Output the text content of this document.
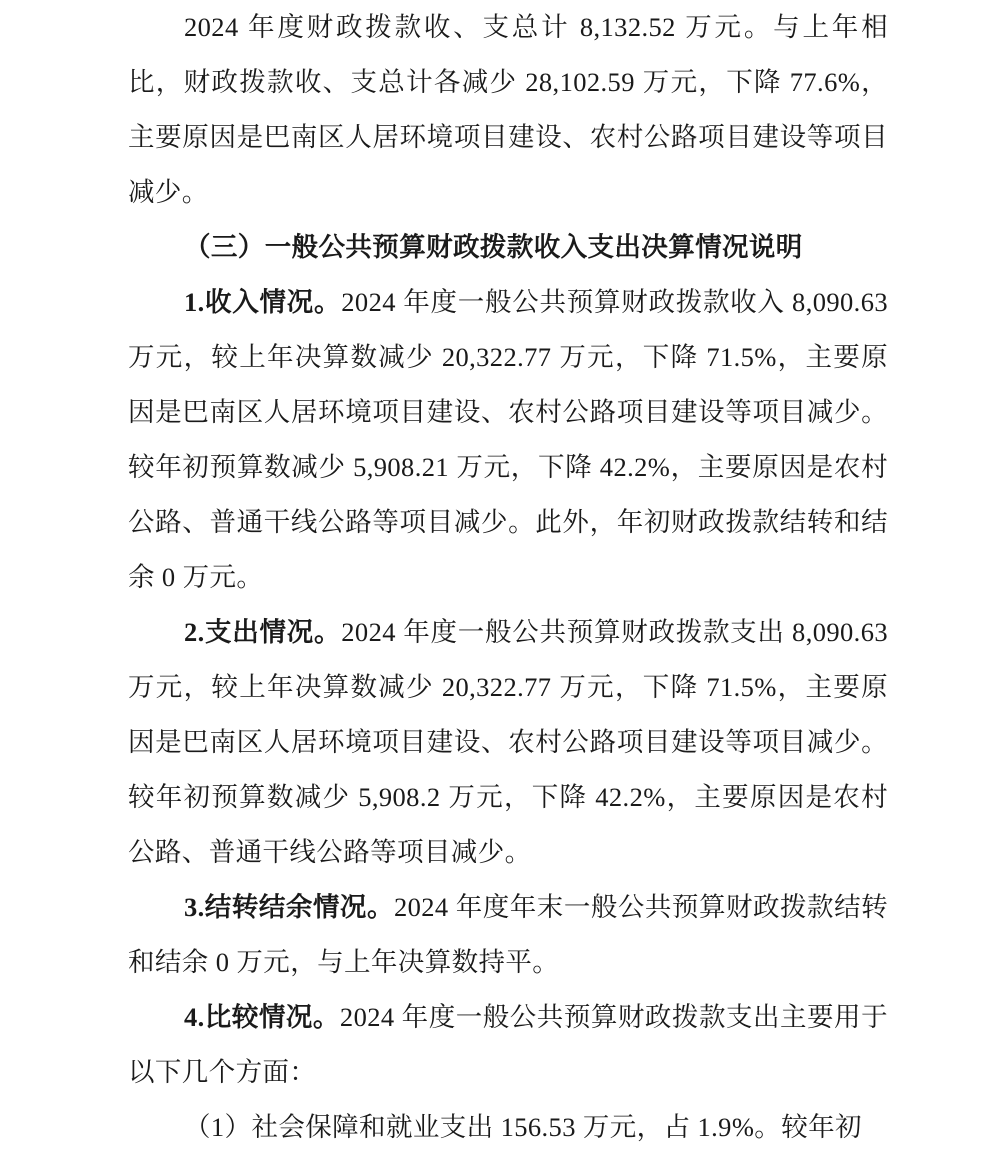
2024 年度财政拨款收、支总计 8,132.52 万元。与上年相比，财政拨款收、支总计各减少 28,102.59 万元，下降 77.6%，主要原因是巴南区人居环境项目建设、农村公路项目建设等项目减少。

（三）一般公共预算财政拨款收入支出决算情况说明

1.收入情况。2024 年度一般公共预算财政拨款收入 8,090.63 万元，较上年决算数减少 20,322.77 万元，下降 71.5%，主要原因是巴南区人居环境项目建设、农村公路项目建设等项目减少。较年初预算数减少 5,908.21 万元，下降 42.2%，主要原因是农村公路、普通干线公路等项目减少。此外，年初财政拨款结转和结余 0 万元。

2.支出情况。2024 年度一般公共预算财政拨款支出 8,090.63 万元，较上年决算数减少 20,322.77 万元，下降 71.5%，主要原因是巴南区人居环境项目建设、农村公路项目建设等项目减少。较年初预算数减少 5,908.2 万元，下降 42.2%，主要原因是农村公路、普通干线公路等项目减少。

3.结转结余情况。2024 年度年末一般公共预算财政拨款结转和结余 0 万元，与上年决算数持平。

4.比较情况。2024 年度一般公共预算财政拨款支出主要用于以下几个方面：

（1）社会保障和就业支出 156.53 万元，占 1.9%。较年初
